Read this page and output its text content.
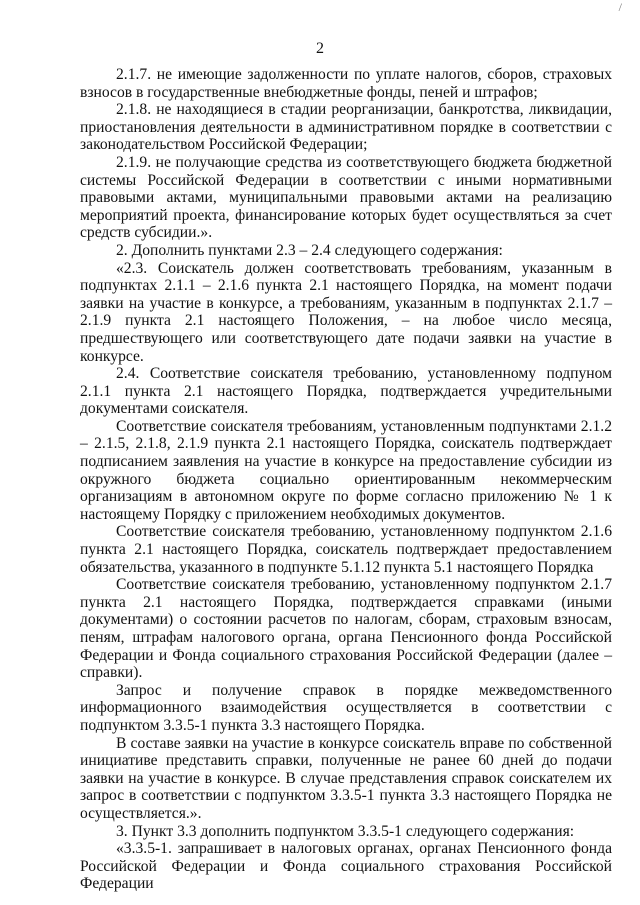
/
2

2.1.7. не имеющие задолженности по уплате налогов, сборов, страховых взносов в государственные внебюджетные фонды, пеней и штрафов;

2.1.8. не находящиеся в стадии реорганизации, банкротства, ликвидации, приостановления деятельности в административном порядке в соответствии с законодательством Российской Федерации;

2.1.9. не получающие средства из соответствующего бюджета бюджетной системы Российской Федерации в соответствии с иными нормативными правовыми актами, муниципальными правовыми актами на реализацию мероприятий проекта, финансирование которых будет осуществляться за счет средств субсидии.».

2. Дополнить пунктами 2.3 – 2.4 следующего содержания:

«2.3. Соискатель должен соответствовать требованиям, указанным в подпунктах 2.1.1 – 2.1.6 пункта 2.1 настоящего Порядка, на момент подачи заявки на участие в конкурсе, а требованиям, указанным в подпунктах 2.1.7 – 2.1.9 пункта 2.1 настоящего Положения, – на любое число месяца, предшествующего или соответствующего дате подачи заявки на участие в конкурсе.

2.4. Соответствие соискателя требованию, установленному подпуном 2.1.1 пункта 2.1 настоящего Порядка, подтверждается учредительными документами соискателя.

Соответствие соискателя требованиям, установленным подпунктами 2.1.2 – 2.1.5, 2.1.8, 2.1.9 пункта 2.1 настоящего Порядка, соискатель подтверждает подписанием заявления на участие в конкурсе на предоставление субсидии из окружного бюджета социально ориентированным некоммерческим организациям в автономном округе по форме согласно приложению № 1 к настоящему Порядку с приложением необходимых документов.

Соответствие соискателя требованию, установленному подпунктом 2.1.6 пункта 2.1 настоящего Порядка, соискатель подтверждает предоставлением обязательства, указанного в подпункте 5.1.12 пункта 5.1 настоящего Порядка

Соответствие соискателя требованию, установленному подпунктом 2.1.7 пункта 2.1 настоящего Порядка, подтверждается справками (иными документами) о состоянии расчетов по налогам, сборам, страховым взносам, пеням, штрафам налогового органа, органа Пенсионного фонда Российской Федерации и Фонда социального страхования Российской Федерации (далее – справки).

Запрос и получение справок в порядке межведомственного информационного взаимодействия осуществляется в соответствии с подпунктом 3.3.5-1 пункта 3.3 настоящего Порядка.

В составе заявки на участие в конкурсе соискатель вправе по собственной инициативе представить справки, полученные не ранее 60 дней до подачи заявки на участие в конкурсе. В случае представления справок соискателем их запрос в соответствии с подпунктом 3.3.5-1 пункта 3.3 настоящего Порядка не осуществляется.».

3. Пункт 3.3 дополнить подпунктом 3.3.5-1 следующего содержания:

«3.3.5-1. запрашивает в налоговых органах, органах Пенсионного фонда Российской Федерации и Фонда социального страхования Российской Федерации
